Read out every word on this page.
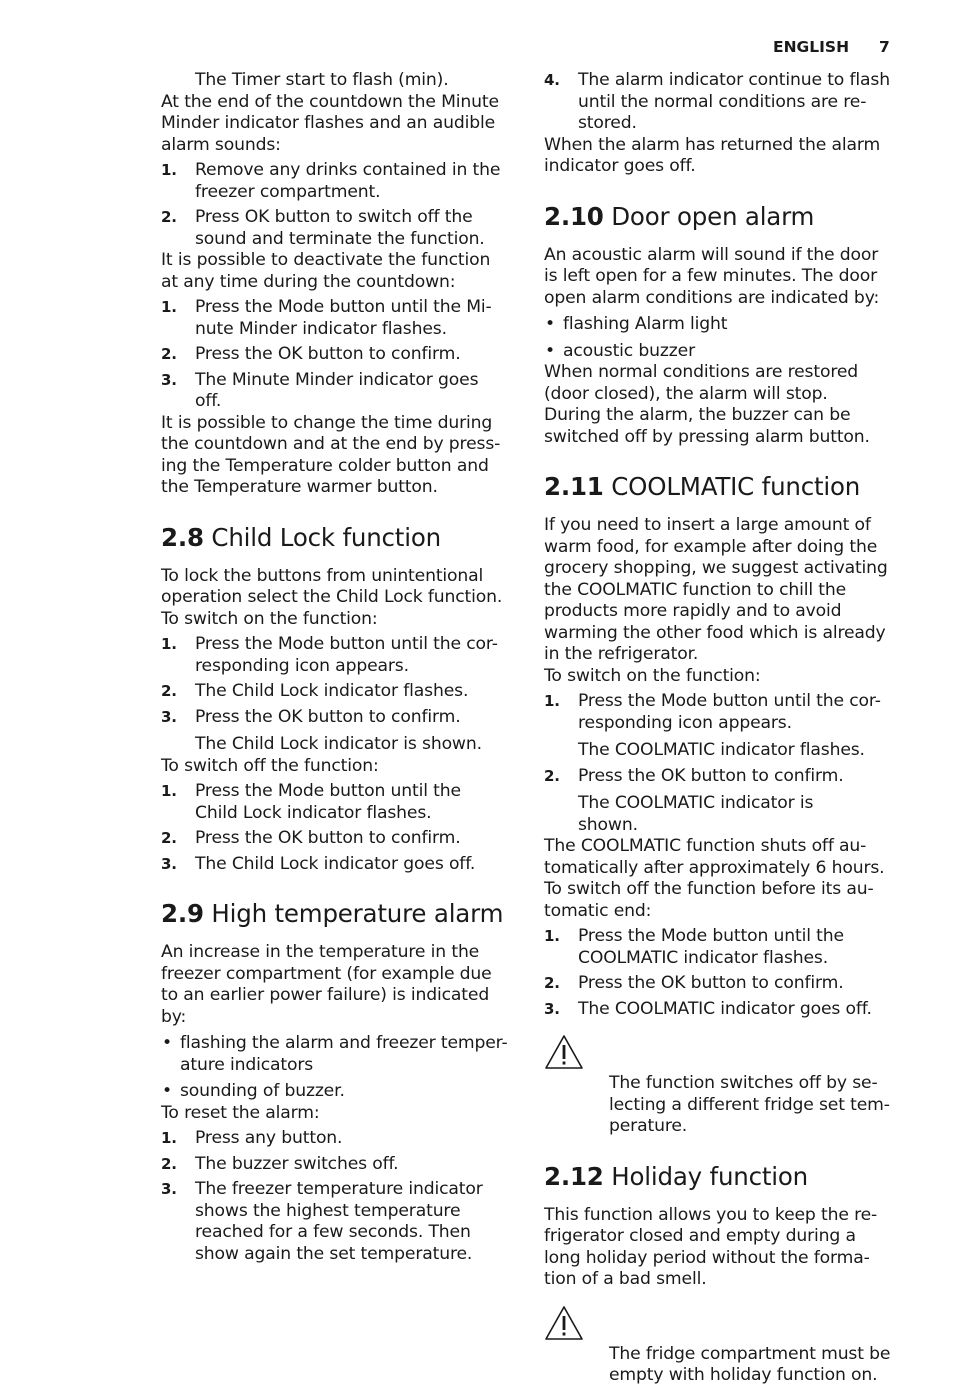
ENGLISH 7

The Timer start to flash (min).

At the end of the countdown the Minute
Minder indicator flashes and an audible
alarm sounds:

1. Remove any drinks contained in the
freezer compartment.
2. Press OK button to switch off the
sound and terminate the function.

It is possible to deactivate the function
at any time during the countdown:

1. Press the Mode button until the Mi-
nute Minder indicator flashes.
2. Press the OK button to confirm.
3. The Minute Minder indicator goes
off.

It is possible to change the time during
the countdown and at the end by press-
ing the Temperature colder button and
the Temperature warmer button.

2.8 Child Lock function

To lock the buttons from unintentional
operation select the Child Lock function.
To switch on the function:

1. Press the Mode button until the cor-
responding icon appears.
2. The Child Lock indicator flashes.
3. Press the OK button to confirm.

The Child Lock indicator is shown.

To switch off the function:

1. Press the Mode button until the
Child Lock indicator flashes.
2. Press the OK button to confirm.
3. The Child Lock indicator goes off.
2.9 High temperature alarm

An increase in the temperature in the
freezer compartment (for example due
to an earlier power failure) is indicated
by:

• flashing the alarm and freezer temper-
ature indicators
• sounding of buzzer.

To reset the alarm:

1. Press any button.
2. The buzzer switches off.
3. The freezer temperature indicator
shows the highest temperature
reached for a few seconds. Then
show again the set temperature.
4. The alarm indicator continue to flash
until the normal conditions are re-
stored.

When the alarm has returned the alarm
indicator goes off.

2.10 Door open alarm

An acoustic alarm will sound if the door
is left open for a few minutes. The door
open alarm conditions are indicated by:

• flashing Alarm light
• acoustic buzzer

When normal conditions are restored
(door closed), the alarm will stop.
During the alarm, the buzzer can be
switched off by pressing alarm button.

2.11 COOLMATIC function

If you need to insert a large amount of
warm food, for example after doing the
grocery shopping, we suggest activating
the COOLMATIC function to chill the
products more rapidly and to avoid
warming the other food which is already
in the refrigerator.
To switch on the function:

1. Press the Mode button until the cor-
responding icon appears.

The COOLMATIC indicator flashes.

2. Press the OK button to confirm.

The COOLMATIC indicator is
shown.

The COOLMATIC function shuts off au-
tomatically after approximately 6 hours.
To switch off the function before its au-
tomatic end:

1. Press the Mode button until the
COOLMATIC indicator flashes.
2. Press the OK button to confirm.
3. The COOLMATIC indicator goes off.

The function switches off by se-
lecting a different fridge set tem-
perature.

2.12 Holiday function

This function allows you to keep the re-
frigerator closed and empty during a
long holiday period without the forma-
tion of a bad smell.

The fridge compartment must be
empty with holiday function on.
